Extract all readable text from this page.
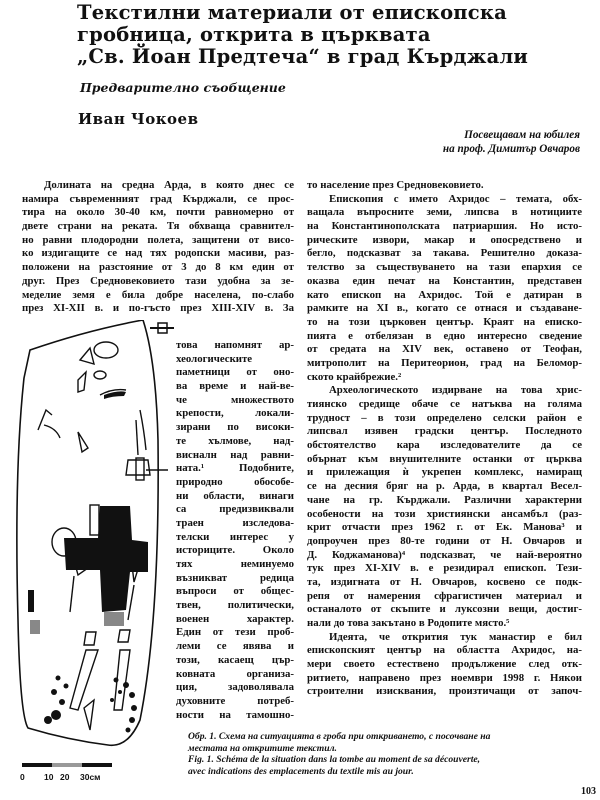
Текстилни материали от епископска
гробница, открита в църквата
„Св. Йоан Предтеча“ в град Кърджали
Предварително съобщение
Иван Чокоев
Посвещавам на юбилея
на проф. Димитър Овчаров
Долината на средна Арда, в която днес се
намира съвременният град Кърджали, се прос-
тира на около 30-40 км, почти равномерно от
двете страни на реката. Тя обхваща сравнител-
но равни плодородни полета, защитени от висо-
ко издигащите се над тях родопски масиви, раз-
положени на разстояние от 3 до 8 км един от
друг. През Средновековието тази удобна за зе-
меделие земя е била добре населена, по-слабо
през XI-XII в. и по-гъсто през XIII-XIV в. За
това напомнят ар-
хеологическите
паметници от оно-
ва време и най-ве-
че множеството
крепости, локали-
зирани по високи-
те хълмове, над-
висналн над равни-
ната.¹ Подобните,
природно обособе-
ни области, винаги
са предизвиквали
траен изследова-
телски интерес у
историците. Около
тях неминуемо
възникват редица
въпроси от общес-
твен, политически,
военен характер.
Един от тези проб-
леми се явява и
този, касаещ цър-
ковната организа-
ция, задоволявала
духовните потреб-
ности на тамошно-
то население през Средновековието.
Епископия с името Ахридос – темата, обх-
ващала въпросните земи, липсва в нотициите
на Константинополската патриаршия. Но исто-
рическите извори, макар и опосредствено и
бегло, подсказват за такава. Решително доказа-
телство за съществуването на тази епархия се
оказва един печат на Константин, представен
като епископ на Ахридос. Той е датиран в
рамките на XI в., когато се отнася и създаване-
то на този църковен център. Краят на еписко-
пията е отбелязан в едно интересно сведение
от средата на XIV век, оставено от Теофан,
митрополит на Перитеорион, град на Беломор-
ското крайбрежие.²
Археологическото издирване на това хрис-
тиянско средище обаче се натъква на голяма
трудност – в този определено селски район е
липсвал изявен градски център. Последното
обстоятелство кара изследователите да се
обърнат към внушителните останки от църква
и прилежащия ѝ укрепен комплекс, намиращ
се на десния бряг на р. Арда, в квартал Весел-
чане на гр. Кърджали. Различни характерни
особености на този християнски ансамбъл (раз-
крит отчасти през 1962 г. от Ек. Манова³ и
допроучен през 80-те години от Н. Овчаров и
Д. Коджаманова)⁴ подсказват, че най-вероятно
тук през XI-XIV в. е резидирал епископ. Тези-
та, издигната от Н. Овчаров, косвено се подк-
репя от намерения сфрагистичен материал и
останалото от скъпите и луксозни вещи, достиг-
нали до това закътано в Родопите място.⁵
Идеята, че открития тук манастир е бил
епископският център на областта Ахридос, на-
мери своето естествено продължение след отк-
ритието, направено през ноември 1998 г. Някои
строителни изисквания, произтичащи от започ-
0 10 20 30см
Обр. 1. Схема на ситуацията в гроба при откриването, с посочване на
местата на откритите текстил.
Fig. 1. Schéma de la situation dans la tombe au moment de sa découverte,
avec indications des emplacements du textile mis au jour.
103
